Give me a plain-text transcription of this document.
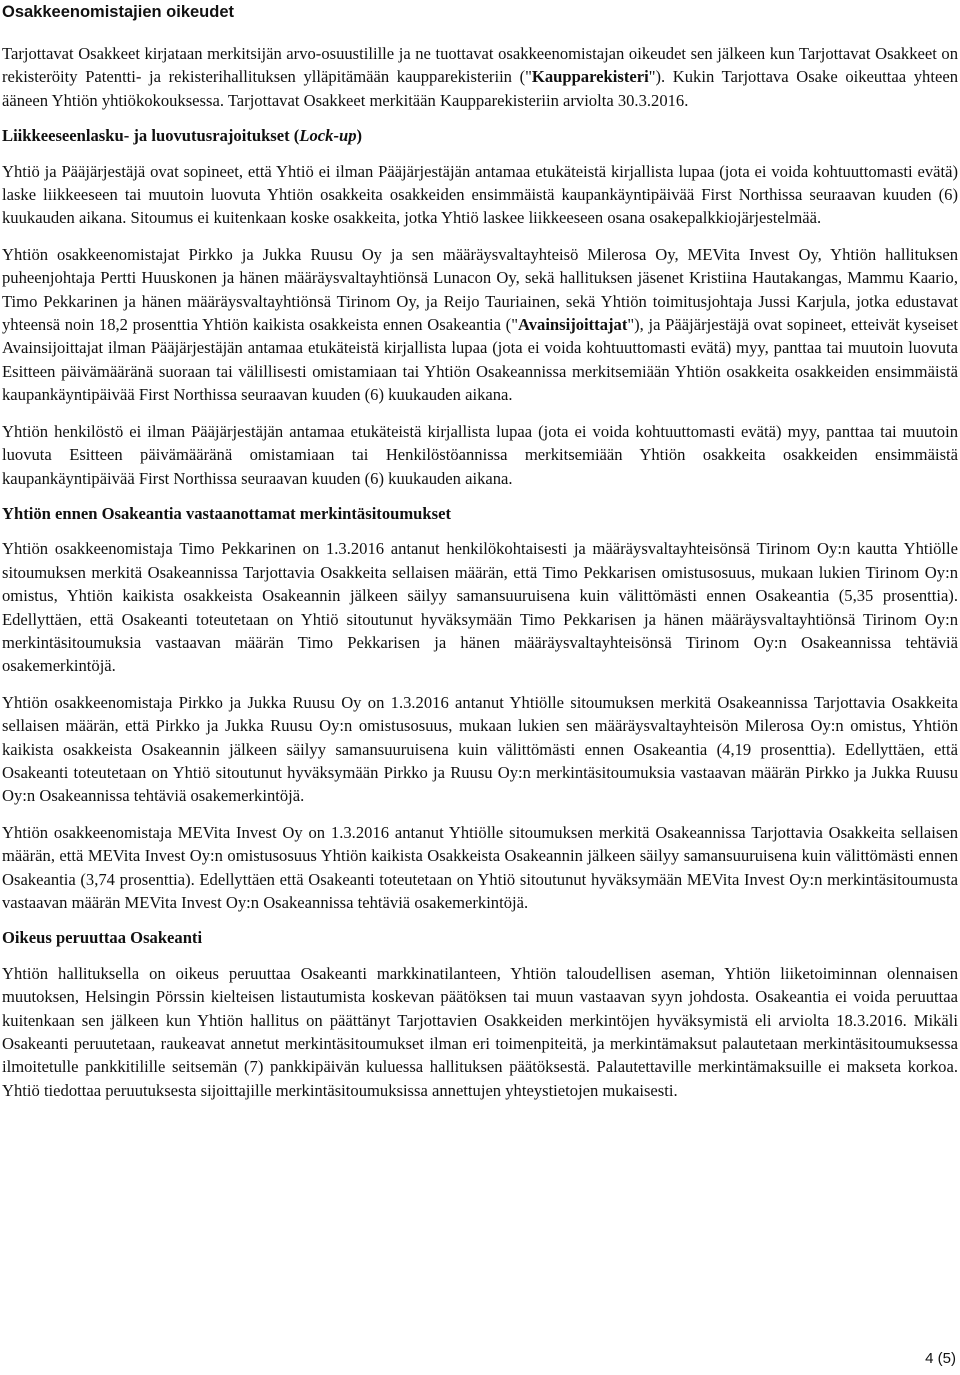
Osakkeenomistajien oikeudet

Tarjottavat Osakkeet kirjataan merkitsijän arvo-osuustilille ja ne tuottavat osakkeenomistajan oikeudet sen jälkeen kun Tarjottavat Osakkeet on rekisteröity Patentti- ja rekisterihallituksen ylläpitämään kaupparekisteriin ("Kaupparekisteri"). Kukin Tarjottava Osake oikeuttaa yhteen ääneen Yhtiön yhtiökokouksessa. Tarjottavat Osakkeet merkitään Kaupparekisteriin arviolta 30.3.2016.

Liikkeeseenlasku- ja luovutusrajoitukset (Lock-up)

Yhtiö ja Pääjärjestäjä ovat sopineet, että Yhtiö ei ilman Pääjärjestäjän antamaa etukäteistä kirjallista lupaa (jota ei voida kohtuuttomasti evätä) laske liikkeeseen tai muutoin luovuta Yhtiön osakkeita osakkeiden ensimmäistä kaupankäyntipäivää First Northissa seuraavan kuuden (6) kuukauden aikana. Sitoumus ei kuitenkaan koske osakkeita, jotka Yhtiö laskee liikkeeseen osana osakepalkkiojärjestelmää.

Yhtiön osakkeenomistajat Pirkko ja Jukka Ruusu Oy ja sen määräysvaltayhteisö Milerosa Oy, MEVita Invest Oy, Yhtiön hallituksen puheenjohtaja Pertti Huuskonen ja hänen määräysvaltayhtiönsä Lunacon Oy, sekä hallituksen jäsenet Kristiina Hautakangas, Mammu Kaario, Timo Pekkarinen ja hänen määräysvaltayhtiönsä Tirinom Oy, ja Reijo Tauriainen, sekä Yhtiön toimitusjohtaja Jussi Karjula, jotka edustavat yhteensä noin 18,2 prosenttia Yhtiön kaikista osakkeista ennen Osakeantia ("Avainsijoittajat"), ja Pääjärjestäjä ovat sopineet, etteivät kyseiset Avainsijoittajat ilman Pääjärjestäjän antamaa etukäteistä kirjallista lupaa (jota ei voida kohtuuttomasti evätä) myy, panttaa tai muutoin luovuta Esitteen päivämääränä suoraan tai välillisesti omistamiaan tai Yhtiön Osakeannissa merkitsemiään Yhtiön osakkeita osakkeiden ensimmäistä kaupankäyntipäivää First Northissa seuraavan kuuden (6) kuukauden aikana.

Yhtiön henkilöstö ei ilman Pääjärjestäjän antamaa etukäteistä kirjallista lupaa (jota ei voida kohtuuttomasti evätä) myy, panttaa tai muutoin luovuta Esitteen päivämääränä omistamiaan tai Henkilöstöannissa merkitsemiään Yhtiön osakkeita osakkeiden ensimmäistä kaupankäyntipäivää First Northissa seuraavan kuuden (6) kuukauden aikana.

Yhtiön ennen Osakeantia vastaanottamat merkintäsitoumukset

Yhtiön osakkeenomistaja Timo Pekkarinen on 1.3.2016 antanut henkilökohtaisesti ja määräysvaltayhteisönsä Tirinom Oy:n kautta Yhtiölle sitoumuksen merkitä Osakeannissa Tarjottavia Osakkeita sellaisen määrän, että Timo Pekkarisen omistusosuus, mukaan lukien Tirinom Oy:n omistus, Yhtiön kaikista osakkeista Osakeannin jälkeen säilyy samansuuruisena kuin välittömästi ennen Osakeantia (5,35 prosenttia). Edellyttäen, että Osakeanti toteutetaan on Yhtiö sitoutunut hyväksymään Timo Pekkarisen ja hänen määräysvaltayhtiönsä Tirinom Oy:n merkintäsitoumuksia vastaavan määrän Timo Pekkarisen ja hänen määräysvaltayhteisönsä Tirinom Oy:n Osakeannissa tehtäviä osakemerkintöjä.

Yhtiön osakkeenomistaja Pirkko ja Jukka Ruusu Oy on 1.3.2016 antanut Yhtiölle sitoumuksen merkitä Osakeannissa Tarjottavia Osakkeita sellaisen määrän, että Pirkko ja Jukka Ruusu Oy:n omistusosuus, mukaan lukien sen määräysvaltayhteisön Milerosa Oy:n omistus, Yhtiön kaikista osakkeista Osakeannin jälkeen säilyy samansuuruisena kuin välittömästi ennen Osakeantia (4,19 prosenttia). Edellyttäen, että Osakeanti toteutetaan on Yhtiö sitoutunut hyväksymään Pirkko ja Ruusu Oy:n merkintäsitoumuksia vastaavan määrän Pirkko ja Jukka Ruusu Oy:n Osakeannissa tehtäviä osakemerkintöjä.

Yhtiön osakkeenomistaja MEVita Invest Oy on 1.3.2016 antanut Yhtiölle sitoumuksen merkitä Osakeannissa Tarjottavia Osakkeita sellaisen määrän, että MEVita Invest Oy:n omistusosuus Yhtiön kaikista Osakkeista Osakeannin jälkeen säilyy samansuuruisena kuin välittömästi ennen Osakeantia (3,74 prosenttia). Edellyttäen että Osakeanti toteutetaan on Yhtiö sitoutunut hyväksymään MEVita Invest Oy:n merkintäsitoumusta vastaavan määrän MEVita Invest Oy:n Osakeannissa tehtäviä osakemerkintöjä.

Oikeus peruuttaa Osakeanti

Yhtiön hallituksella on oikeus peruuttaa Osakeanti markkinatilanteen, Yhtiön taloudellisen aseman, Yhtiön liiketoiminnan olennaisen muutoksen, Helsingin Pörssin kielteisen listautumista koskevan päätöksen tai muun vastaavan syyn johdosta. Osakeantia ei voida peruuttaa kuitenkaan sen jälkeen kun Yhtiön hallitus on päättänyt Tarjottavien Osakkeiden merkintöjen hyväksymistä eli arviolta 18.3.2016. Mikäli Osakeanti peruutetaan, raukeavat annetut merkintäsitoumukset ilman eri toimenpiteitä, ja merkintämaksut palautetaan merkintäsitoumuksessa ilmoitetulle pankkitilille seitsemän (7) pankkipäivän kuluessa hallituksen päätöksestä. Palautettaville merkintämaksuille ei makseta korkoa. Yhtiö tiedottaa peruutuksesta sijoittajille merkintäsitoumuksissa annettujen yhteystietojen mukaisesti.

4 (5)
